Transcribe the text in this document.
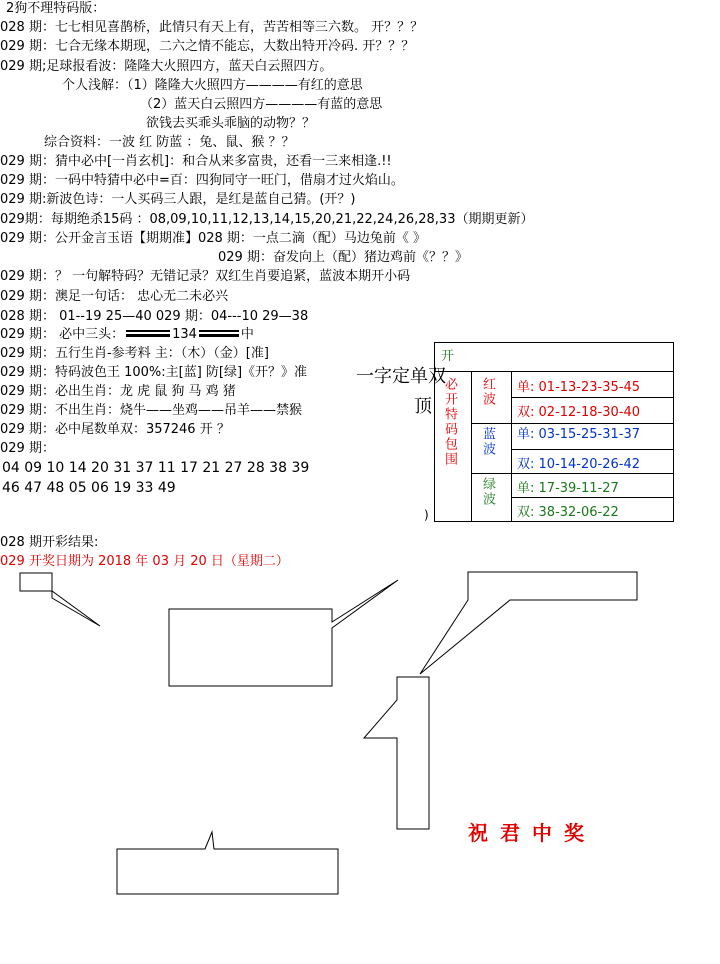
2狗不理特码版：
028 期：七七相见喜鹊桥，此情只有天上有，苦苦相等三六数。 开？？？
029 期：七合无缘本期现，二六之情不能忘，大数出特开冷码. 开？？？
029 期;足球报看波：隆隆大火照四方，蓝天白云照四方。
个人浅解：（1）隆隆大火照四方————有红的意思
（2）蓝天白云照四方————有蓝的意思
欲钱去买乖头乖脑的动物？？
综合资料：一波 红 防蓝 ：兔、鼠、猴 ？？
029 期：猜中必中[一肖玄机]：和合从来多富贵，还看一三来相逢.!!
029 期：一码中特猜中必中=百：四狗同守一旺门，借扇才过火焰山。
029 期:新波色诗：一人买码三人跟，是红是蓝自己猜。(开？)
029期：每期绝杀15码 ：08,09,10,11,12,13,14,15,20,21,22,24,26,28,33（期期更新）
029 期：公开金言玉语【期期准】028 期：一点二滴（配）马边兔前《 》
029 期：奋发向上（配）猪边鸡前《？？》
029 期：？ 一句解特码？无错记录？双红生肖要追紧，蓝波本期开小码
029 期：澳足一句话： 忠心无二未必兴
028 期： 01--19 25—40 029 期：04---10 29—38
029 期： 必中三头：	134	中
029 期：五行生肖-参考料 主：（木）（金）[准]
029 期：特码波色王 100%:主[蓝] 防[绿]《开？》准
029 期：必出生肖：龙 虎 鼠 狗 马 鸡 猪
029 期：不出生肖：烧牛——坐鸡——吊羊——禁猴
029 期：必中尾数单双：357246 开 ？
029 期：
04 09 10 14 20 31 37 11 17 21 27 28 38 39
46 47 48 05 06 19 33 49
一字定单双
顶
开
必开特码包围 红波
蓝波
绿波
单: 01-13-23-35-45
双: 02-12-18-30-40
单: 03-15-25-31-37
双: 10-14-20-26-42
单: 17-39-11-27
双: 38-32-06-22
)
028 期开彩结果:
029 开奖日期为 2018 年 03 月 20 日（星期二）
祝君中奖
